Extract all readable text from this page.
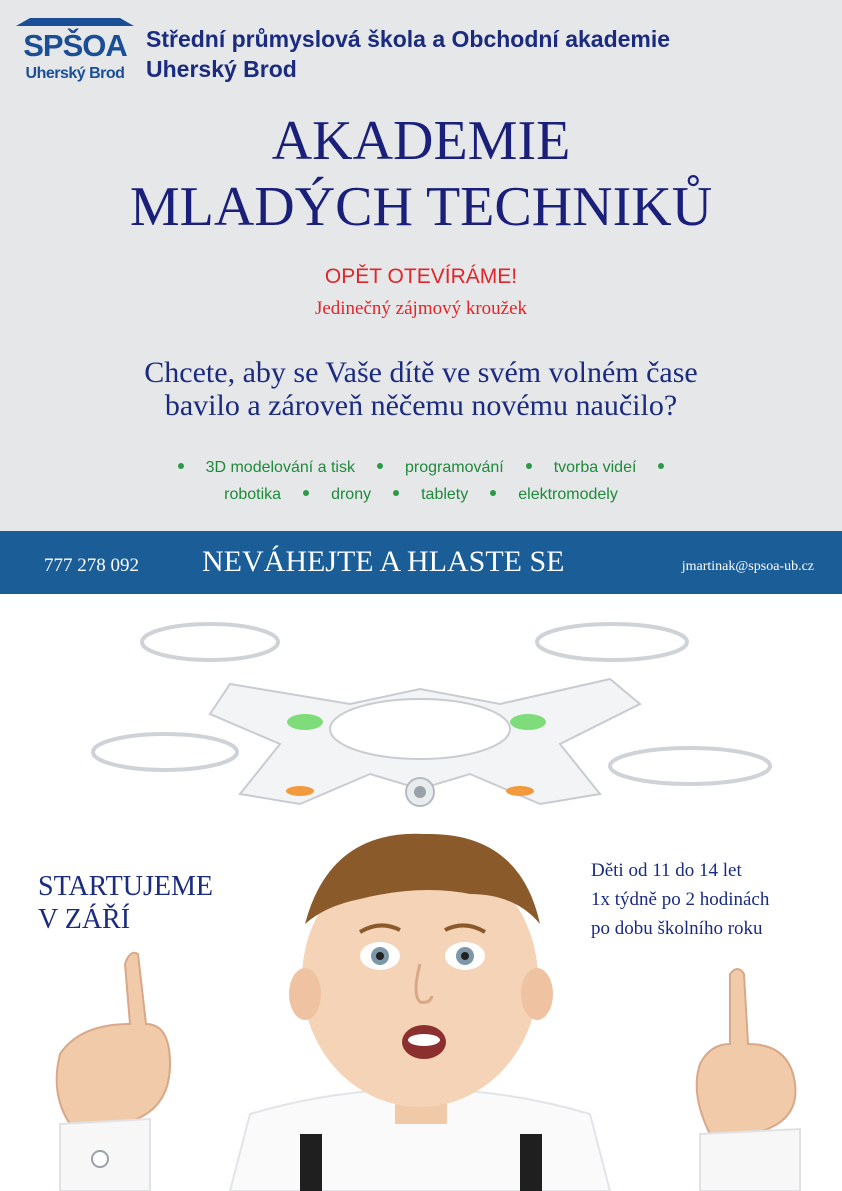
SPŠOA
Uherský Brod
Střední průmyslová škola a Obchodní akademie
Uherský Brod
AKADEMIE
MLADÝCH TECHNIKŮ
OPĚT OTEVÍRÁME!
Jedinečný zájmový kroužek
Chcete, aby se Vaše dítě ve svém volném čase
bavilo a zároveň něčemu novému naučilo?
3D modelování a tisk	programování	tvorba videí
robotika	drony	tablety	elektromodely
777 278 092 NEVÁHEJTE A HLASTE SE	jmartinak@spsoa-ub.cz
STARTUJEME
V ZÁŘÍ
Děti od 11 do 14 let
1x týdně po 2 hodinách
po dobu školního roku
